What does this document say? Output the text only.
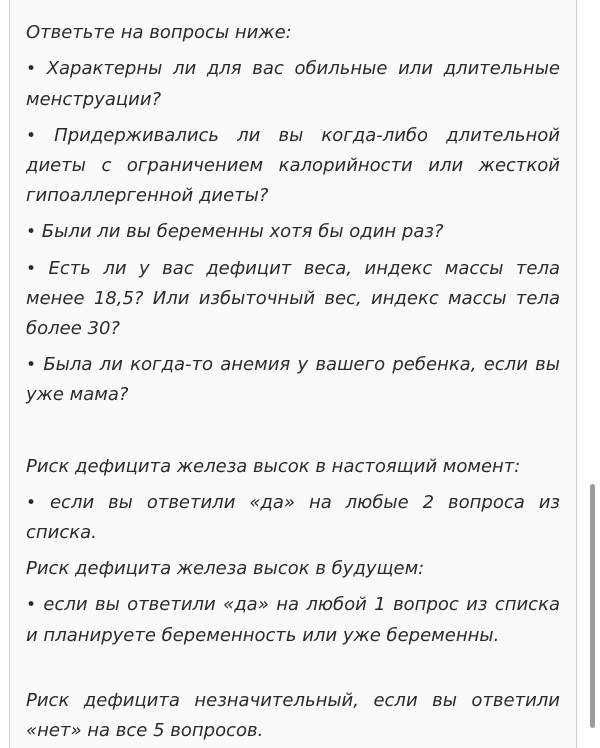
Ответьте на вопросы ниже:

• Характерны ли для вас обильные или длительные менструации?

• Придерживались ли вы когда-либо длительной диеты с ограничением калорийности или жесткой гипоаллергенной диеты?

• Были ли вы беременны хотя бы один раз?

• Есть ли у вас дефицит веса, индекс массы тела менее 18,5? Или избыточный вес, индекс массы тела более 30?

• Была ли когда-то анемия у вашего ребенка, если вы уже мама?

Риск дефицита железа высок в настоящий момент:

• если вы ответили «да» на любые 2 вопроса из списка.

Риск дефицита железа высок в будущем:

• если вы ответили «да» на любой 1 вопрос из списка и планируете беременность или уже беременны.

Риск дефицита незначительный, если вы ответили «нет» на все 5 вопросов.
